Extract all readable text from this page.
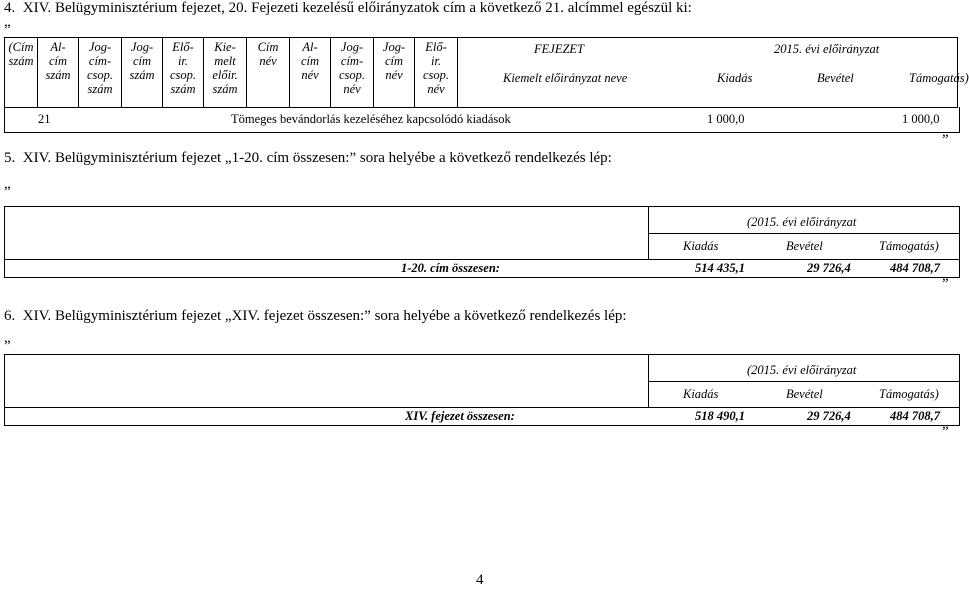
4.  XIV. Belügyminisztérium fejezet, 20. Fejezeti kezelésű előirányzatok cím a következő 21. alcímmel egészül ki:
„
(Cím
szám

Al-
cím
szám

Jog-
cím-
csop.
szám

Jog-
cím
szám

Elő-
ir.
csop.
szám

Kie-
melt
előir.
szám

Cím
név

Al-
cím
név

Jog-
cím-
csop.
név

Jog-
cím
név

Elő-
ir.
csop.
név

FEJEZET	2015. évi előirányzat
Kiemelt előirányzat neve	Kiadás	Bevétel	Támogatás)
21	Tömeges bevándorlás kezeléséhez kapcsolódó kiadások	1 000,0	1 000,0
”
5.  XIV. Belügyminisztérium fejezet „1-20. cím összesen:” sora helyébe a következő rendelkezés lép:
„
(2015. évi előirányzat
Kiadás	Bevétel	Támogatás)
1-20. cím összesen:	514 435,1	29 726,4	484 708,7
”
6.  XIV. Belügyminisztérium fejezet „XIV. fejezet összesen:” sora helyébe a következő rendelkezés lép:
„
(2015. évi előirányzat
Kiadás	Bevétel	Támogatás)
XIV. fejezet összesen:	518 490,1	29 726,4	484 708,7
”
4
